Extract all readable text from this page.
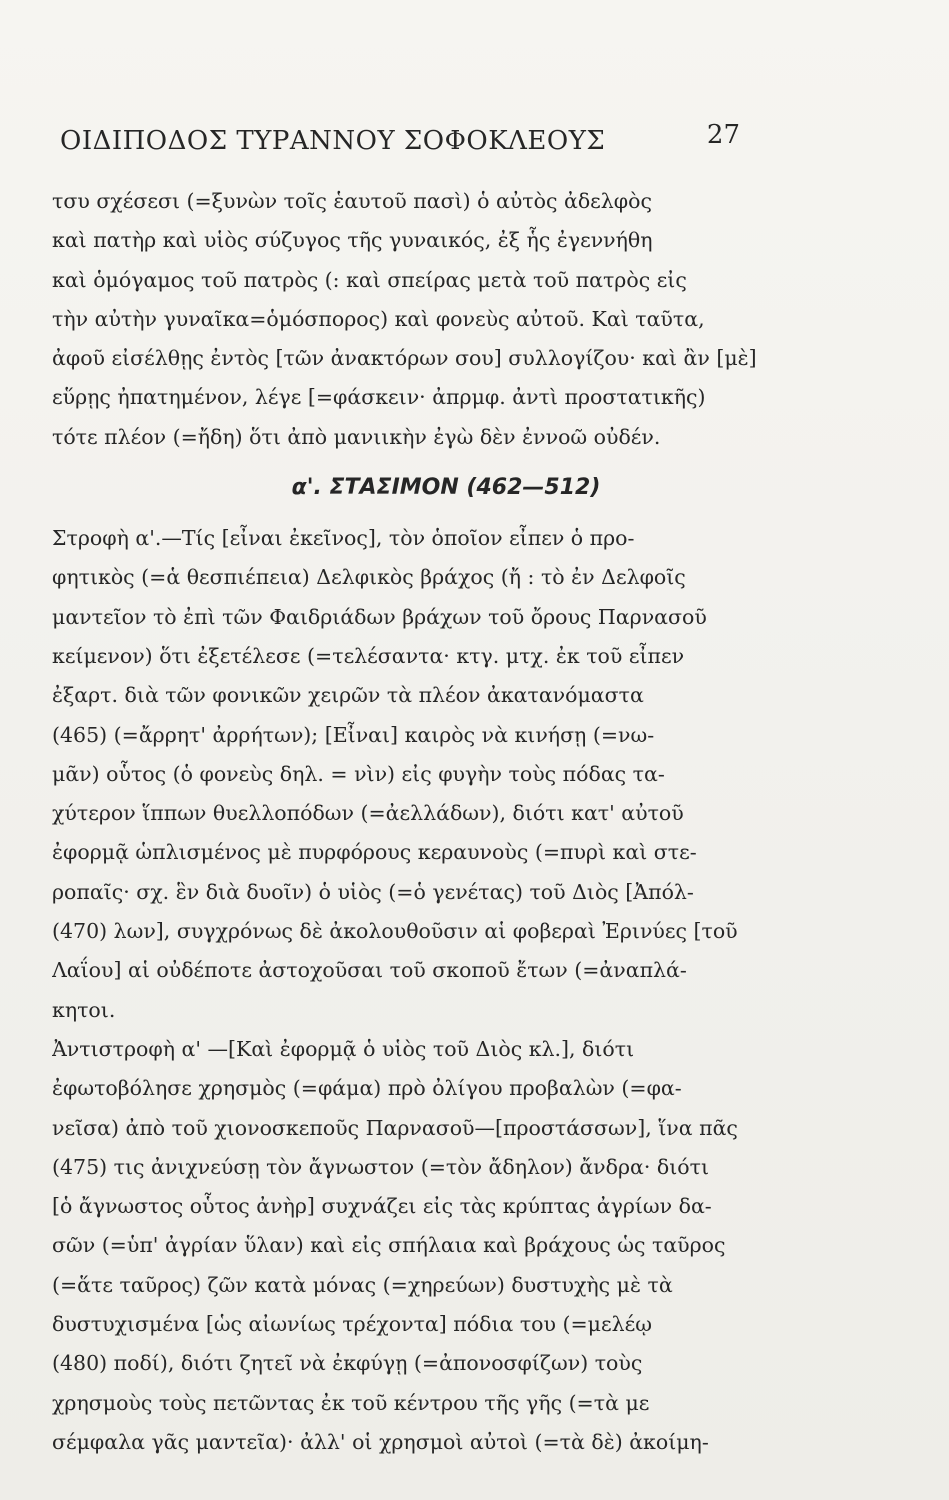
ΟΙΔΙΠΟΔΟΣ ΤΥΡΑΝΝΟΥ ΣΟΦΟΚΛΕΟΥΣ	27
τσυ σχέσεσι (=ξυνὼν τοῖς ἑαυτοῦ πασὶ) ὁ αὐτὸς ἀδελφὸς
καὶ πατὴρ καὶ υἱὸς σύζυγος τῆς γυναικός, ἐξ ἧς ἐγεννήθη
καὶ ὁμόγαμος τοῦ πατρὸς (: καὶ σπείρας μετὰ τοῦ πατρὸς εἰς
τὴν αὐτὴν γυναῖκα=ὁμόσπορος) καὶ φονεὺς αὐτοῦ. Καὶ ταῦτα,
ἀφοῦ εἰσέλθῃς ἐντὸς [τῶν ἀνακτόρων σου] συλλογίζου· καὶ ἂν [μὲ]
εὕρῃς ἠπατημένον, λέγε [=φάσκειν· ἀπρμφ. ἀντὶ προστατικῆς)
τότε πλέον (=ἤδη) ὅτι ἀπὸ μανιικὴν ἐγὼ δὲν ἐννοῶ οὐδέν.
α'. ΣΤΑΣΙΜΟΝ (462—512)
Στροφὴ α'.—Τίς [εἶναι ἐκεῖνος], τὸν ὁποῖον εἶπεν ὁ προ-
φητικὸς (=ἁ θεσπιέπεια) Δελφικὸς βράχος (ἤ : τὸ ἐν Δελφοῖς
μαντεῖον τὸ ἐπὶ τῶν Φαιδριάδων βράχων τοῦ ὄρους Παρνασοῦ
κείμενον) ὅτι ἐξετέλεσε (=τελέσαντα· κτγ. μτχ. ἐκ τοῦ εἶπεν
ἐξαρτ. διὰ τῶν φονικῶν χειρῶν τὰ πλέον ἀκατανόμαστα
(465) (=ἄρρητ' ἀρρήτων); [Εἶναι] καιρὸς νὰ κινήσῃ (=νω-
μᾶν) οὗτος (ὁ φονεὺς δηλ. = νὶν) εἰς φυγὴν τοὺς πόδας τα-
χύτερον ἵππων θυελλοπόδων (=ἀελλάδων), διότι κατ' αὐτοῦ
ἐφορμᾷ ὡπλισμένος μὲ πυρφόρους κεραυνοὺς (=πυρὶ καὶ στε-
ροπαῖς· σχ. ἓν διὰ δυοῖν) ὁ υἱὸς (=ὁ γενέτας) τοῦ Διὸς [Ἀπόλ-
(470) λων], συγχρόνως δὲ ἀκολουθοῦσιν αἱ φοβεραὶ Ἐρινύες [τοῦ
Λαΐου] αἱ οὐδέποτε ἀστοχοῦσαι τοῦ σκοποῦ ἔτων (=ἀναπλά-
κητοι.
Ἀντιστροφὴ α' —[Καὶ ἐφορμᾷ ὁ υἱὸς τοῦ Διὸς κλ.], διότι
ἐφωτοβόλησε χρησμὸς (=φάμα) πρὸ ὀλίγου προβαλὼν (=φα-
νεῖσα) ἀπὸ τοῦ χιονοσκεποῦς Παρνασοῦ—[προστάσσων], ἵνα πᾶς
(475) τις ἀνιχνεύσῃ τὸν ἄγνωστον (=τὸν ἄδηλον) ἄνδρα· διότι
[ὁ ἄγνωστος οὗτος ἀνὴρ] συχνάζει εἰς τὰς κρύπτας ἀγρίων δα-
σῶν (=ὑπ' ἀγρίαν ὕλαν) καὶ εἰς σπήλαια καὶ βράχους ὡς ταῦρος
(=ἅτε ταῦρος) ζῶν κατὰ μόνας (=χηρεύων) δυστυχὴς μὲ τὰ
δυστυχισμένα [ὡς αἰωνίως τρέχοντα] πόδια του (=μελέῳ
(480) ποδί), διότι ζητεῖ νὰ ἐκφύγῃ (=ἀπονοσφίζων) τοὺς
χρησμοὺς τοὺς πετῶντας ἐκ τοῦ κέντρου τῆς γῆς (=τὰ με
σέμφαλα γᾶς μαντεῖα)· ἀλλ' οἱ χρησμοὶ αὐτοὶ (=τὰ δὲ) ἀκοίμη-
